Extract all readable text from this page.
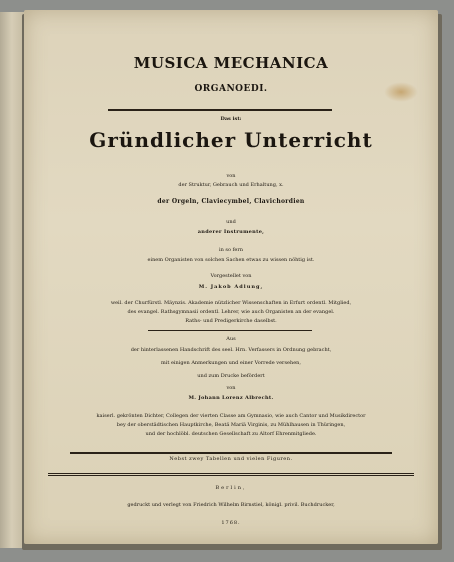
MUSICA MECHANICA
ORGANOEDI.
Das ist:
Gründlicher Unterricht
von
der Struktur, Gebrauch und Erhaltung, x.
der Orgeln, Claviecymbel, Clavichordien
und
anderer Instrumente,
in so fern
einem Organisten von solchen Sachen etwas zu wissen nöhtig ist.
Vorgestellet von
M. Jakob Adlung,
weil. der Churfürstl. Mäynzis. Akademie nützlicher Wissenschaften in Erfurt ordentl. Mitglied,
des evangel. Rathsgymnasii ordentl. Lehrer, wie auch Organisten an der evangel.
Raths- und Predigerkirche daselbst.
Aus
der hinterlassenen Handschrift des seel. Hrn. Verfassers in Ordnung gebracht,
mit einigen Anmerkungen und einer Vorrede versehen,
und zum Drucke befördert
von
M. Johann Lorenz Albrecht.
kaiserl. gekrönten Dichter, Collegen der vierten Classe am Gymnasio, wie auch Cantor und Musikdirector
bey der oberstädtischen Hauptkirche, Beatä Mariä Virginis, zu Mühlhausen in Thüringen,
und der hochlöbl. deutschen Gesellschaft zu Altorf Ehrenmitgliede.
Nebst zwey Tabellen und vielen Figuren.
Berlin,
gedruckt und verlegt von Friedrich Wilhelm Birnstiel, königl. privil. Buchdrucker,
1768.
